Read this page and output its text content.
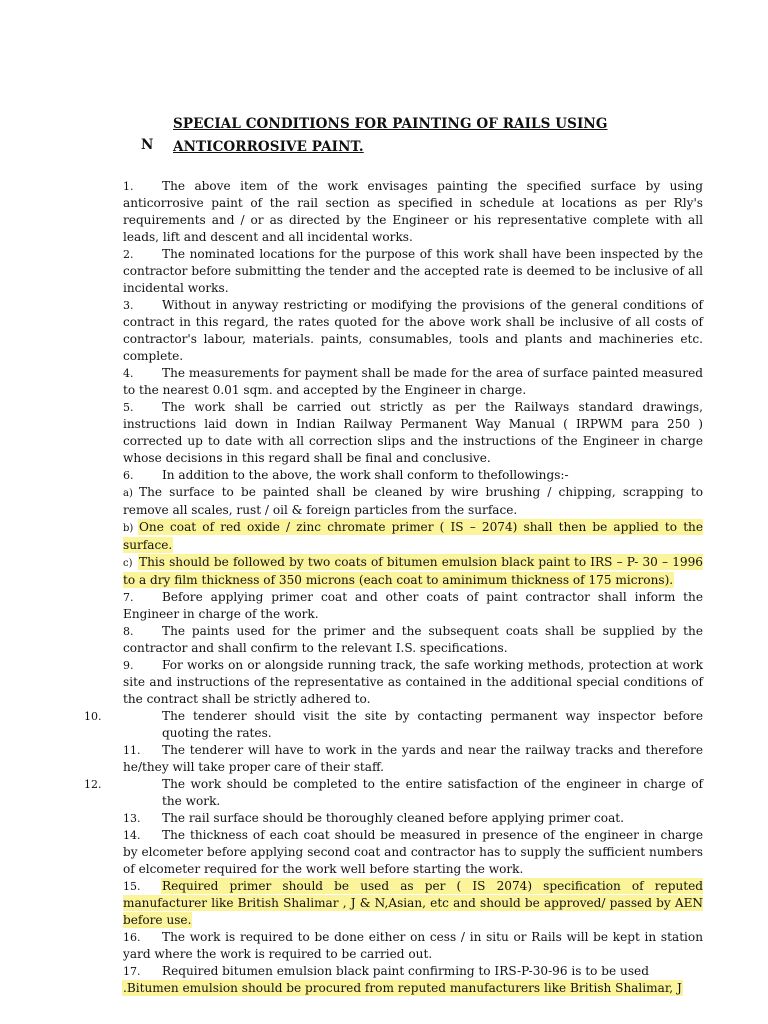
SPECIAL CONDITIONS FOR PAINTING OF RAILS USING
ANTICORROSIVE PAINT.
N

1. The above item of the work envisages painting the specified surface by using anticorrosive paint of the rail section as specified in schedule at locations as per Rly's requirements and / or as directed by the Engineer or his representative complete with all leads, lift and descent and all incidental works.

2. The nominated locations for the purpose of this work shall have been inspected by the contractor before submitting the tender and the accepted rate is deemed to be inclusive of all incidental works.

3. Without in anyway restricting or modifying the provisions of the general conditions of contract in this regard, the rates quoted for the above work shall be inclusive of all costs of contractor's labour, materials. paints, consumables, tools and plants and machineries etc. complete.

4. The measurements for payment shall be made for the area of surface painted measured to the nearest 0.01 sqm. and accepted by the Engineer in charge.

5. The work shall be carried out strictly as per the Railways standard drawings, instructions laid down in Indian Railway Permanent Way Manual ( IRPWM para 250 ) corrected up to date with all correction slips and the instructions of the Engineer in charge whose decisions in this regard shall be final and conclusive.

6. In addition to the above, the work shall conform to thefollowings:-

a) The surface to be painted shall be cleaned by wire brushing / chipping, scrapping to remove all scales, rust / oil & foreign particles from the surface.

b) One coat of red oxide / zinc chromate primer ( IS – 2074) shall then be applied to the surface.

c) This should be followed by two coats of bitumen emulsion black paint to IRS – P- 30 – 1996 to a dry film thickness of 350 microns (each coat to aminimum thickness of 175 microns).

7. Before applying primer coat and other coats of paint contractor shall inform the Engineer in charge of the work.

8. The paints used for the primer and the subsequent coats shall be supplied by the contractor and shall confirm to the relevant I.S. specifications.

9. For works on or alongside running track, the safe working methods, protection at work site and instructions of the representative as contained in the additional special conditions of the contract shall be strictly adhered to.

10.	The tenderer should visit the site by contacting permanent way inspector before quoting the rates.

11. The tenderer will have to work in the yards and near the railway tracks and therefore he/they will take proper care of their staff.

12.	The work should be completed to the entire satisfaction of the engineer in charge of the work.

13. The rail surface should be thoroughly cleaned before applying primer coat.

14. The thickness of each coat should be measured in presence of the engineer in charge by elcometer before applying second coat and contractor has to supply the sufficient numbers of elcometer required for the work well before starting the work.

15. Required primer should be used as per ( IS 2074) specification of reputed manufacturer like British Shalimar , J & N,Asian, etc and should be approved/ passed by AEN before use.

16. The work is required to be done either on cess / in situ or Rails will be kept in station yard where the work is required to be carried out.

17. Required bitumen emulsion black paint confirming to IRS-P-30-96 is to be used

.Bitumen emulsion should be procured from reputed manufacturers like British Shalimar, J
